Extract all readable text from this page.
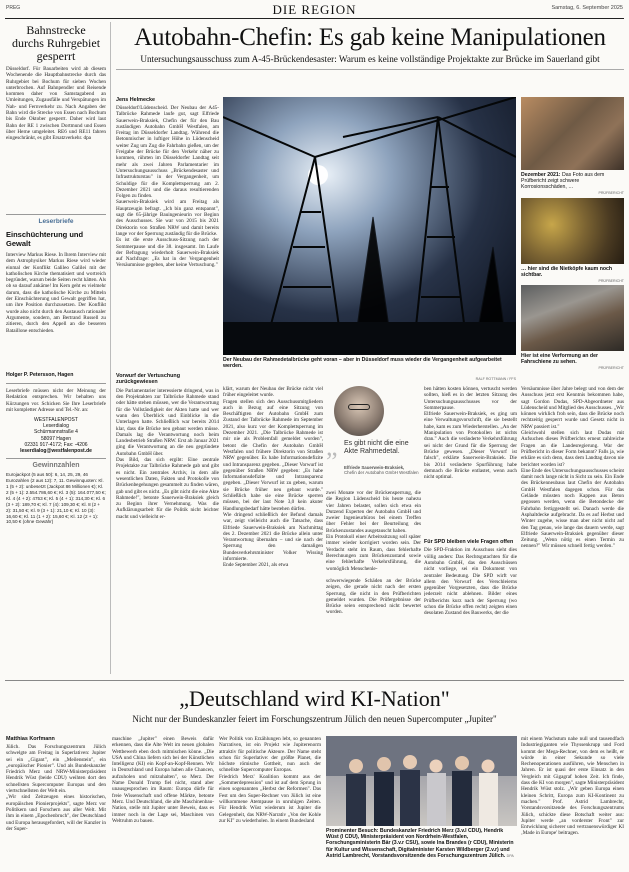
PREG	DIE REGION	Samstag, 6. September 2025
Bahnstrecke durchs Ruhrgebiet gesperrt
Düsseldorf. Für Bauarbeiten wird ab diesem Wochenende die Hauptbahnstrecke durch das Ruhrgebiet bei Bochum für sieben Wochen unterbrochen. Auf Bahnpendler und Reisende kommen daher von Samstagabend an Umleitungen, Zugausfälle und Verspätungen im Nah- und Fernverkehr zu. Nach Angaben der Bahn wird die Strecke von Essen nach Bochum bis Ende Oktober gesperrt. Daher wird laut Bahn der RE 1 zwischen Dortmund und Essen über Herne umgeleitet. RE6 und RE11 fahren eingeschränkt, es gibt Ersatzverkehr. dpa
Leserbriefe
Einschüchterung und Gewalt
Interview Markus Riese. In Ihrem Interview mit dem Astrophysiker Markus Riese wird wieder einmal der Konflikt Galileo Galilei mit der katholischen Kirche thematisiert und wortreich begründet, warum beide Seiten recht hätten. Als ob so darauf ankäme! Im Kern geht es vielmehr darum, dass die katholische Kirche zu Mitteln der Einschüchterung und Gewalt gegriffen hat, um ihre Position durchzusetzen. Der Konflikt wurde also nicht durch den Austausch rationaler Argumente, sondern, am Bertrand Russell zu zitieren, durch den Appell an die besseren Bataillone entschieden.
Holger P. Petersson, Hagen
Leserbriefe müssen nicht der Meinung der Redaktion entsprechen. Wir behalten uns Kürzungen vor. Schicken Sie Ihre Leserbriefe mit kompletter Adresse und Tel.-Nr. an:
WESTFALENPOST
Leserdialog
Schürmannstraße 4
58097 Hagen
02331 917-4172; Fax: -4206
leserdialog@westfalenpost.de
Gewinnzahlen
Eurojackpot (5 aus 50): 6, 14, 25, 29, 46 Eurozahlen (2 aus 12): 7, 11. Gewinnquoten: Kl. 1 (5 + 2): unbesetzt (Jackpot 86 Millionen €); Kl. 2 (5 + 1): 2.554.786,60 €; Kl. 3 (5): 164.077,50 €; Kl. 4 (4 + 2): 4753 €; Kl. 5 (4 + 1): 314,30 €; Kl. 6 (3 + 2): 189,70 €; Kl. 7 (4): 109,30 €; Kl. 8 (2 + 2): 31,50 €; Kl. 9 (3 + 1): 21,10 €; Kl. 10 (3): 16,60 €; Kl. 11 (1 + 2): 15,60 €; Kl. 12 (2 + 1): 10,50 € (ohne Gewähr)
Autobahn-Chefin: Es gab keine Manipulationen
Untersuchungsausschuss zum A-45-Brückendesaster: Warum es keine vollständige Projektakte zur Brücke im Sauerland gibt
Jens Helmecke
Düsseldorf/Lüdenscheid. Der Neubau der A45-Talbrücke Rahmede laufe gut, sagt Elfriede Sauerwein-Braksiek, Chefin der für den Bau zuständigen Autobahn GmbH Westfalen, am Freitag im Düsseldorfer Landtag. Während die Betonmischer in luftiger Höhe in Lüdenscheid weiter Zug um Zug die Fahrbahn gießen, um der Freigabe der Brücke für den Verkehr näher zu kommen, rührten im Düsseldorfer Landtag seit mehr als zwei Jahren Parlamentarier im Untersuchungsausschuss „Brückendesaster und Infrastrukturstau" in der Vergangenheit, um Schuldige für die Komplettsperrung am 2. Dezember 2021 und die daraus resultierenden Folgen zu finden.
Sauerwein-Braksiek wird am Freitag als Hauptzeugin befragt. „Ich bin ganz entspannt", sagt die 65-jährige Bauingenieurin vor Beginn des Ausschusses. Sie war von 2015 bis 2021 Direktorin von Straßen NRW und damit bereits lange vor der Sperrung zuständig für die Brücke.
Es ist die erste Ausschuss-Sitzung nach der Sommerpause und die 38. insgesamt. Im Laufe der Befragung wiederholt Sauerwein-Braksiek auf Nachfrage: „Es hat in der Vergangenheit Versäumnisse gegeben, aber keine Vertuschung."
Vorwurf der Vertuschung zurückgewiesen
Die Parlamentarier interessierte dringend, was in den Projektakten zur Talbrücke Rahmede stand oder hätte stehen müssen, wer die Verantwortung für die Vollständigkeit der Akten hatte und wer wann den Überblick und Einblicke in die Unterlagen hatte. Schließlich war bereits 2014 klar, dass die Brücke neu gebaut werden müsse. Damals lag die Verantwortung noch beim Landesbetrieb Straßen NRW. Erst ab Januar 2021 ging die Verantwortung an die neu gegründete Autobahn GmbH über.
Das Bild, das sich ergibt: Eine zentrale Projektakte zur Talbrücke Rahmede gab und gibt es nicht. Ein zentrales Archiv, in dem alle wesentlichen Daten, Fakten und Protokolle von Brückenbegehungen gesammelt zu finden wären, gab und gibt es nicht. „Es gibt nicht die eine Akte Rahmede!", betonte Sauerwein-Braksiek gleich zu Beginn ihrer Vernehmung. Was die Aufklärungsarbeit für die Politik nicht leichter macht und vielleicht er-
Der Neubau der Rahmedetalbrücke geht voran – aber in Düsseldorf muss wieder die Vergangenheit aufgearbeitet werden.
RALF ROTTMANN / FFS
Dezember 2021: Das Foto aus dem Prüfbericht zeigt schwere Korrosionsschäden, …
PRÜFBERICHT
… hier sind die Nietköpfe kaum noch sichtbar.
PRÜFBERICHT
Hier ist eine Verformung an der Fahrschiene zu sehen.
PRÜFBERICHT
klärt, warum der Neubau der Brücke nicht viel früher eingeleitet wurde.
Fragen stellen sich den Ausschussmitgliedern auch in Bezug auf eine Sitzung von Beschäftigten der Autobahn GmbH zum Zustand der Talbrücke Rahmede im September 2021, also kurz vor der Komplettsperrung im Dezember 2021. „Die Talbrücke Rahmede ist mir nie als Problemfall gemeldet worden", betont die Chefin der Autobahn GmbH Westfalen und frühere Direktorin von Straßen NRW gegenüber. Es habe Informationsdefizite und Intransparenz gegeben. „Dieser Vorwurf ist gegenüber Straßen NRW gegeben: „Es habe Informationsdefizite und Intransparenz gegeben. „Dieser Vorwurf ist zu geben, warum sie Brücke früher neu gebaut wurde." Schließlich habe sie eine Brücke sperren müssen, bei der laut Note 3,0 kein akuter Handlungsbedarf hätte bestehen dürfen.
Wie dringend schließlich der Befund damals war, zeigt vielleicht auch die Tatsache, dass Elfriede Sauerwein-Braksiek am Nachmittag des 2. Dezember 2021 die Brücke allein unter Verantwortung übernahm – und sie nach der Sperrung den damaligen Bundesverkehrsminister Volker Wissing informierte.
Ende September 2021, als etwa
„ Es gibt nicht die eine Akte Rahmedetal.
Elfriede Sauerwein-Braksiek,
Chefin der Autobahn GmbH Westfalen
zwei Monate vor der Brückensperrung, die die Region Lüdenscheid bis heute nahezu vier Jahren belastet, sollen sich etwa ein Dutzend Experten der Autobahn GmbH und zweier Ingenieurbüros bei einem Treffen über Fehler bei der Beurteilung des Brückenzustandes ausgetauscht haben.
Ein Protokoll einer Arbeitssitzung soll später immer wieder korrigiert worden sein. Der Verdacht steht im Raum, dass fehlerhafte Berechnungen zum Brückenzustand sowie eine fehlerhafte Verkehrsführung, die womöglich Menschenle-
ben hätten kosten können, vertuscht werden sollten, hieß es in der letzten Sitzung des Untersuchungsausschusses vor der Sommerpause.
Elfriede Sauerwein-Braksiek, es ging um eine Verwaltungsvorschrift, die sie bestellt habe, kam es zum Wiederherstellen. „An der Manipulation von Protokollen ist nichts dran." Auch die veränderte Verkehrsführung sei nicht der Grund für die Sperrung der Brücke gewesen. „Dieser Vorwurf ist falsch", erklärte Sauerwein-Braksiek. Die bis 2014 veränderte Spurführung habe demnach die Brücke entlastet, wenn auch nicht optimal.
Für SPD bleiben viele Fragen offen
Die SPD-Fraktion im Ausschuss sieht dies völlig anders: Das Rechtsgutachten für die Autobahn GmbH, das den Ausschüssen nicht vorliege, sei ein Dokument von zentraler Bedeutung. Die SPD wirft vor allem den Vorwurf des Verschleierns gegenüber Vorgesetzten, dass die Brücke jederzeit nicht ablehnen. Bilder eines Prüfberichts kurz nach der Sperrung (wo schon die Brücke offen recht) zeigten einen desolaten Zustand des Bauwerks, der die
schwerwiegende Schäden an der Brücke zeigen, die gerade nicht nach der ersten Sperrung, die nicht in den Prüfberichten gemeldet wurden. Die Prüfergebnisse der Brücke seien entsprechend nicht bewertet worden.
Versäumnisse über Jahre belegt und von dem der Ausschuss jetzt erst Kenntnis bekommen habe, sagt Gordon Dudas, SPD-Abgeordneter aus Lüdenscheid und Mitglied des Ausschusses. „Wir können wirklich froh sein, dass die Brücke noch rechtzeitig gesperrt wurde und Gesetz nicht in NRW passiert ist."
Gleichwohl stellen sich laut Dudas mit Aufsuchen dieses Prüfberichts erneut zahlreiche Fragen an die Landesregierung. War der Prüfbericht in dieser Form bekannt? Falls ja, wie erkläre es sich denn, dass dem Landtag davon nie berichtet worden ist?
Eine Ende des Untersuchungsausschusses scheint damit noch lange nicht in Sicht zu sein. Ein Ende des Brückenneubaus laut Chefin der Autobahn GmbH Westfalen dagegen schon. Für das Gelände müssten noch Kappen aus Beton gegossen werden, wenn die Betondecke der Fahrbahn fertiggestellt sei. Danach werde die Asphaltdecke aufgebracht. Da es auf Herbst und Winter zugehe, wisse man aber nicht nicht auf den Tag genau, wie lange das dauern werde, sagt Elfriede Sauerwein-Braksiek gegenüber dieser Zeitung. „Wenn nötig es einen Termin zu nennen?" Wir müssen schnell fertig werden."
„Deutschland wird KI-Nation"
Nicht nur der Bundeskanzler feiert im Forschungszentrum Jülich den neuen Supercomputer „Jupiter"
Matthias Korfmann
Jülich. Das Forschungszentrum Jülich schwelgte am Freitag in Superlativen: Jupiter sei ein „Gigant", ein „Meilenstein", ein „europäischer Pionier". Und als Bundeskanzler Friedrich Merz und NRW-Ministerpräsident Hendrik Wüst (beide CDU) weihten dort den schnellsten Supercomputer Europas und den viertschnellsten der Welt ein.
„Wir sind Zeitzeugen eines historischen, europäischen Pionierprojekts", sagte Merz vor Politikern und Forschern aus aller Welt. Mit ihm in einem „Epochenbruch", der Deutschland und Europa herausgefordert, will der Kanzler in der Super-
maschine „Jupiter" einen Beweis dafür erkennen, dass die Alte Welt im neuen globalen Wettbewerb eben doch mitmischen könne. „Die USA und China liefern sich bei der Künstlichen Intelligenz (KI) ein Kopf-an-Kopf-Rennen. Wir in Deutschland und Europa haben alle Chancen, aufzuholen und mitzuhalten", so Merz. Der Name Donald Trump fiel nicht, stand aber unausgesprochen im Raum: Europa dürfe für freie Wissenschaft und offene Märkte, betonte Merz. Und Deutschland, die alte Maschinenbau-Nation, stelle mit Jupiter unter Beweis, dass es immer noch in der Lage sei, Maschinen von Weltruhm zu bauen.
Wer Politik von Erzählungen lebt, so genannten Narrativen, ist ein Projekt wie Jupiterenorm attraktiv für politische Akteure. Der Name steht schon für Superlative: der größte Planet, die höchste römische Gottheit, nun auch der schnellste Supercomputer Europas.
Friedrich Merz' Koalition kommt aus der „Sommerdepression" und ist auf dem Sprung in einen sogenannten „Herbst der Reformen". Das Fest um den Super-Rechner von Jülich ist eine willkommene Atempause in unruhigen Zeiten. Für Hendrik Wüst wiederum ist Jupiter die Gelegenheit, das NRW-Narrativ „Von der Kohle zur KI" zu wiederholen. In einem Bundesland
Prominenter Besuch: Bundeskanzler Friedrich Merz (3.v.l CDU), Hendrik Wüst (l CDU), Ministerpräsident von Nordrhein-Westfalen, Forschungsministerin Bär (3.v.r CSU), sowie Ina Brandes (r CDU), Ministerin für Kultur und Wissenschaft, Digitalminister Karsten Wildberger (2.v.r) und Astrid Lambrecht, Vorstandsvorsitzende des Forschungszentrum Jülich. DPA
mit einem Wachstum nahe null und tausendfach Industriegiganten wie Thyssenkrupp und Ford kommt der Mega-Rechner, von dem es heißt, er würde in einer Sekunde so viele Rechenoperationen ausführen, wie Menschen in Jahren. Er ist quasi der erste Einsatz in den Vergleich mit Gigagraf hohen Zeit. Ich finde, dass die KI von morgen", sagte Ministerpräsident Hendrik Wüst stolz. „Wir geben Europa einen kleinen Schritt, Europa zum KI-Kontinent zu machen." Prof. Astrid Lambrecht, Vorstandsvorsitzende des Forschungszentrums Jülich, schickte diese Botschaft weiter aus: Jupiter werde „an vorderster Front" zur Entwicklung sicherer und vertrauenswürdiger KI ‚Made in Europe' beitragen.
